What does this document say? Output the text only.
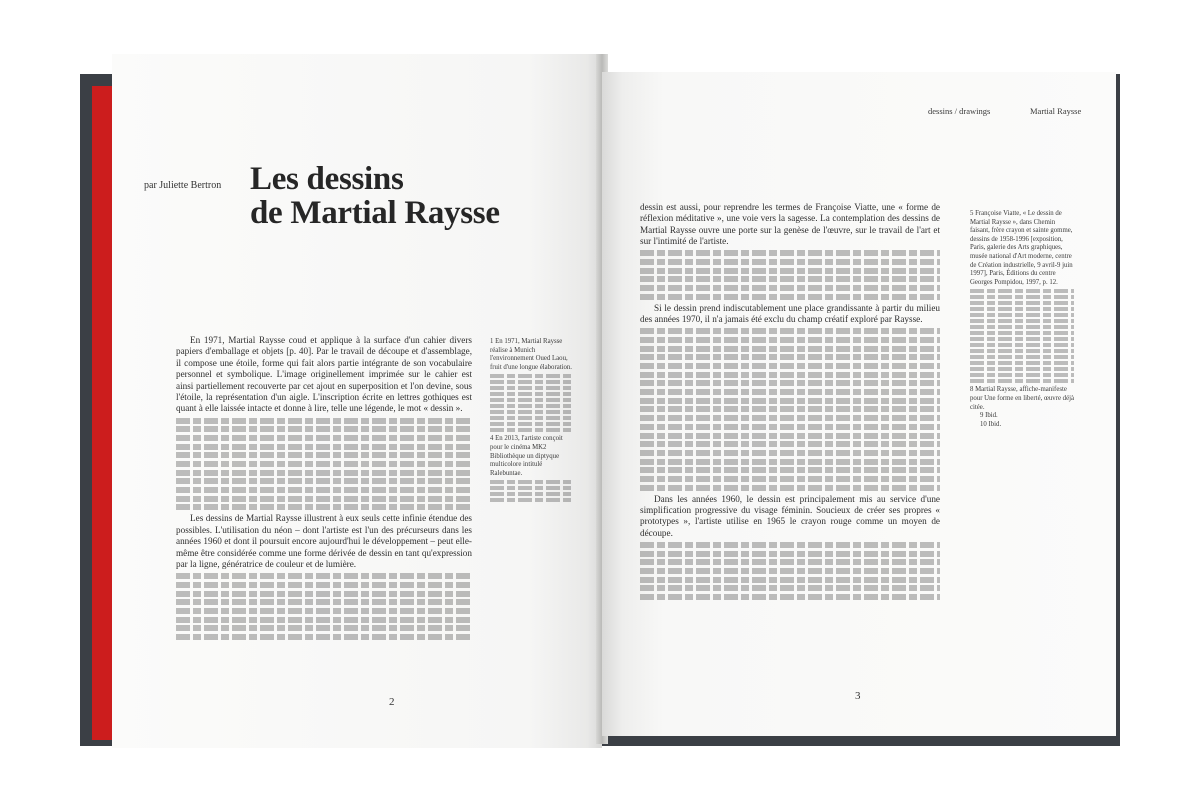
par Juliette Bertron Les dessins
de Martial Raysse
En 1971, Martial Raysse coud et applique à la surface d'un cahier divers papiers d'emballage et objets [p. 40]. Par le travail de découpe et d'assemblage, il compose une étoile, forme qui fait alors partie intégrante de son vocabulaire personnel et symbolique. L'image originellement imprimée sur le cahier est ainsi partiellement recouverte par cet ajout en superposition et l'on devine, sous l'étoile, la représentation d'un aigle. L'inscription écrite en lettres gothiques est quant à elle laissée intacte et donne à lire, telle une légende, le mot « dessin ».
Les dessins de Martial Raysse illustrent à eux seuls cette infinie étendue des possibles. L'utilisation du néon – dont l'artiste est l'un des précurseurs dans les années 1960 et dont il poursuit encore aujourd'hui le développement – peut elle-même être considérée comme une forme dérivée de dessin en tant qu'expression par la ligne, génératrice de couleur et de lumière.
1 En 1971, Martial Raysse réalise à Munich l'environnement Oued Laou, fruit d'une longue élaboration.
4 En 2013, l'artiste conçoit pour le cinéma MK2 Bibliothèque un diptyque multicolore intitulé Ralebuntae.
2
dessins / drawings	Martial Raysse
dessin est aussi, pour reprendre les termes de Françoise Viatte, une « forme de réflexion méditative », une voie vers la sagesse. La contemplation des dessins de Martial Raysse ouvre une porte sur la genèse de l'œuvre, sur le travail de l'art et sur l'intimité de l'artiste.
Si le dessin prend indiscutablement une place grandissante à partir du milieu des années 1970, il n'a jamais été exclu du champ créatif exploré par Raysse.
Dans les années 1960, le dessin est principalement mis au service d'une simplification progressive du visage féminin. Soucieux de créer ses propres « prototypes », l'artiste utilise en 1965 le crayon rouge comme un moyen de découpe.
5 Françoise Viatte, « Le dessin de Martial Raysse », dans Chemin faisant, frère crayon et sainte gomme, dessins de 1958-1996 [exposition, Paris, galerie des Arts graphiques, musée national d'Art moderne, centre de Création industrielle, 9 avril-9 juin 1997], Paris, Éditions du centre Georges Pompidou, 1997, p. 12.
8 Martial Raysse, affiche-manifeste pour Une forme en liberté, œuvre déjà citée.
9 Ibid.
10 Ibid.
3
